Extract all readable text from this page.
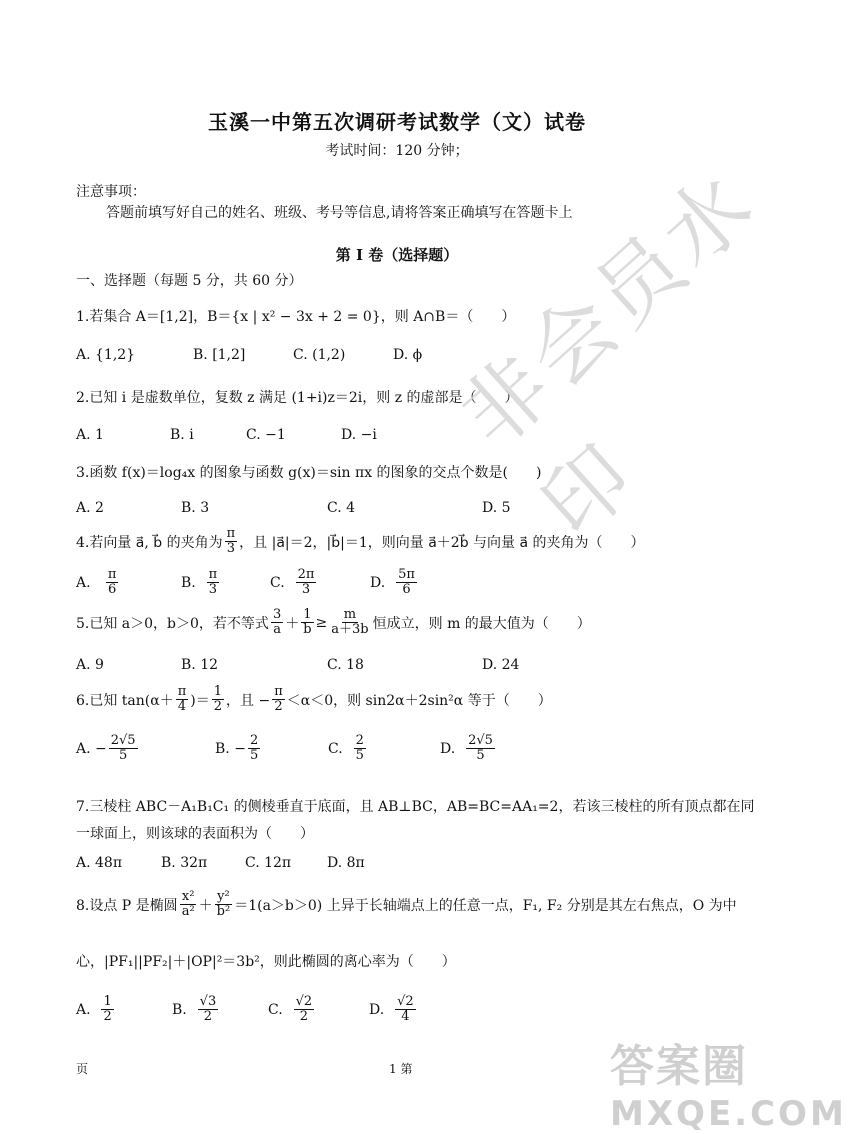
玉溪一中第五次调研考试数学（文）试卷
考试时间：120 分钟；
注意事项：
答题前填写好自己的姓名、班级、考号等信息,请将答案正确填写在答题卡上
第 I 卷（选择题）
一、选择题（每题 5 分，共 60 分）
1.若集合 A＝[1,2]，B＝{x | x² − 3x + 2 = 0}，则 A∩B＝（　　）
A. {1,2}	B. [1,2]	C. (1,2)	D. ϕ
2.已知 i 是虚数单位，复数 z 满足 (1+i)z＝2i，则 z 的虚部是（　　）
A. 1	B. i	C. −1	D. −i
3.函数 f(x)＝log₄x 的图象与函数 g(x)＝sin πx 的图象的交点个数是(　　)
A. 2	B. 3	C. 4	D. 5
4.若向量 a⃗, b⃗ 的夹角为 $\frac{\pi}{3}$ ，且 |a⃗|＝2，|b⃗|＝1，则向量 a⃗＋2b⃗ 与向量 a⃗ 的夹角为（　　）
A.
$\frac{\pi}{6}$	B.
$\frac{\pi}{3}$	C.
$\frac{2\pi}{3}$	D.
$\frac{5\pi}{6}$
5.已知 a＞0，b＞0，若不等式 $\frac{3}{a} + \frac{1}{b} \ge \frac{m}{a+3b}$ 恒成立，则 m 的最大值为（　　）
A. 9	B. 12	C. 18	D. 24
6.已知 $\tan(\alpha+ \frac{\pi}{4}$ )＝ $\frac{1}{2}$ ，且 − $\frac{\pi}{2} <\alpha<0$，则 sin2α＋2sin²α 等于（　　）
A.
− $\frac{2√5}{5}$	B.
− $\frac{2}{5}$	C.
$\frac{2}{5}$	D.
$\frac{2√5}{5}$
7.三棱柱 ABC－A₁B₁C₁ 的侧棱垂直于底面，且 AB⊥BC，AB=BC=AA₁=2，若该三棱柱的所有顶点都在同
一球面上，则该球的表面积为（　　）
A. 48π	B. 32π	C. 12π	D. 8π
8.设点 P 是椭圆 $\frac{\text{x²}}{\text{a²}} + \frac{\text{y²}}{\text{b²}} =1(a>b>0)$ 上异于长轴端点上的任意一点，F₁, F₂ 分别是其左右焦点，O 为中
心，|PF₁||PF₂|＋|OP|²＝3b²，则此椭圆的离心率为（　　）
A.
$\frac{1}{2}$	B.
$\frac{√3}{2}$	C.
$\frac{√2}{2}$	D.
$\frac{√2}{4}$
页	1 第
非会员水印
答案圈
MXQE.COM
